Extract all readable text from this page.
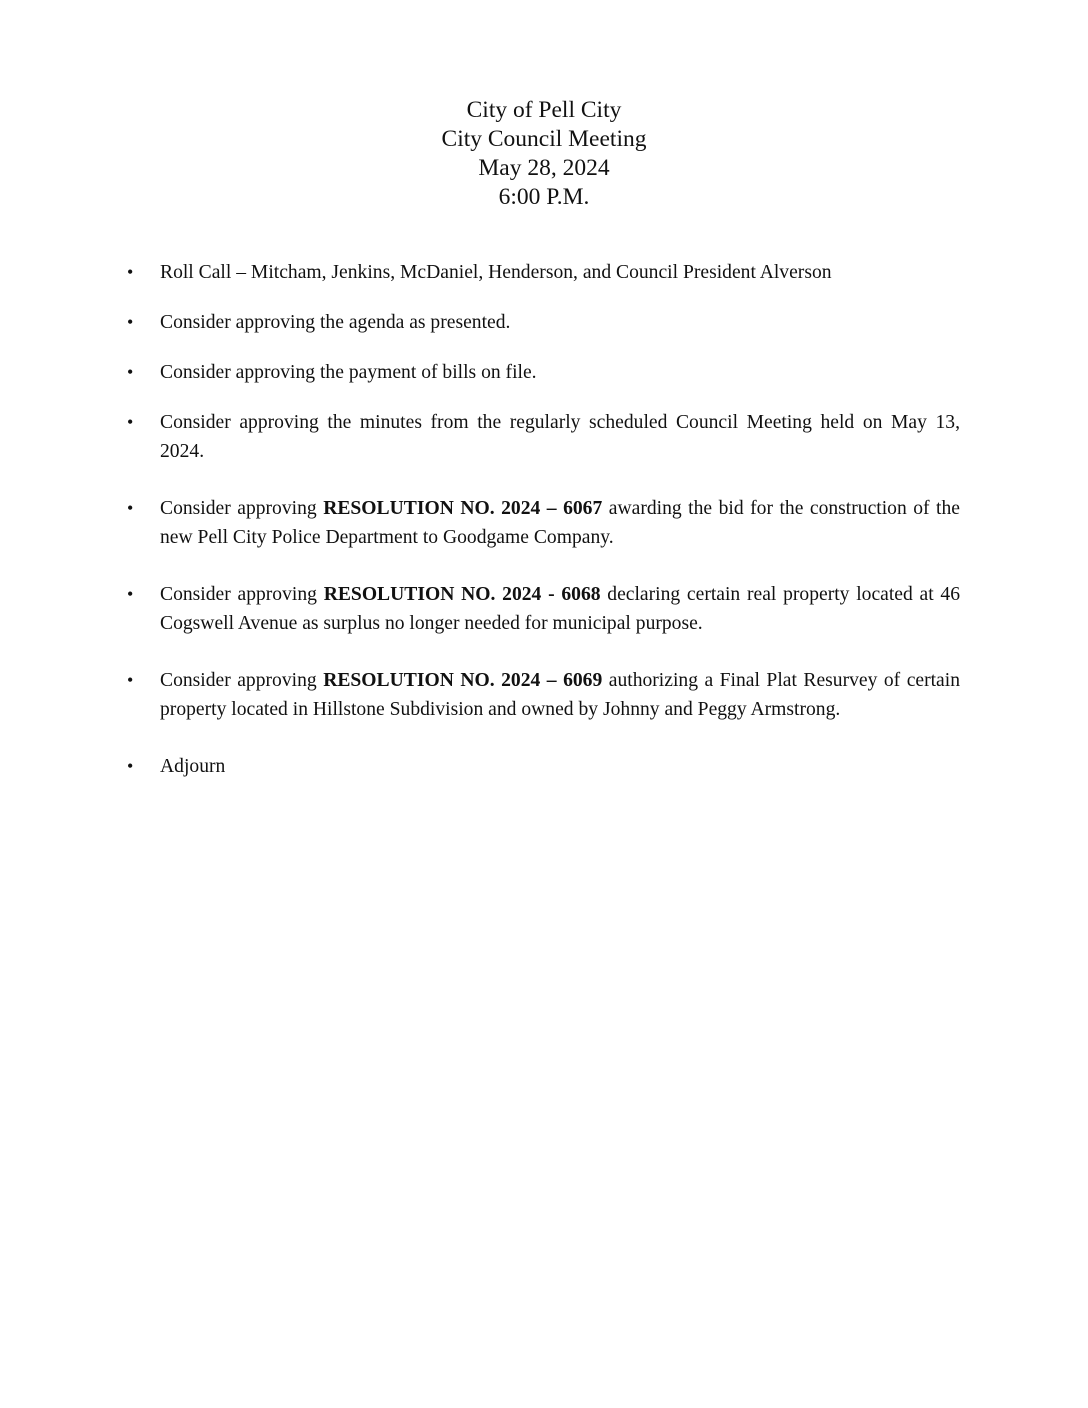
City of Pell City
City Council Meeting
May 28, 2024
6:00 P.M.
• Roll Call – Mitcham, Jenkins, McDaniel, Henderson, and Council President Alverson
• Consider approving the agenda as presented.
• Consider approving the payment of bills on file.
• Consider approving the minutes from the regularly scheduled Council Meeting held on May 13, 2024.
• Consider approving RESOLUTION NO. 2024 – 6067 awarding the bid for the construction of the new Pell City Police Department to Goodgame Company.
• Consider approving RESOLUTION NO. 2024 - 6068 declaring certain real property located at 46 Cogswell Avenue as surplus no longer needed for municipal purpose.
• Consider approving RESOLUTION NO. 2024 – 6069 authorizing a Final Plat Resurvey of certain property located in Hillstone Subdivision and owned by Johnny and Peggy Armstrong.
• Adjourn
